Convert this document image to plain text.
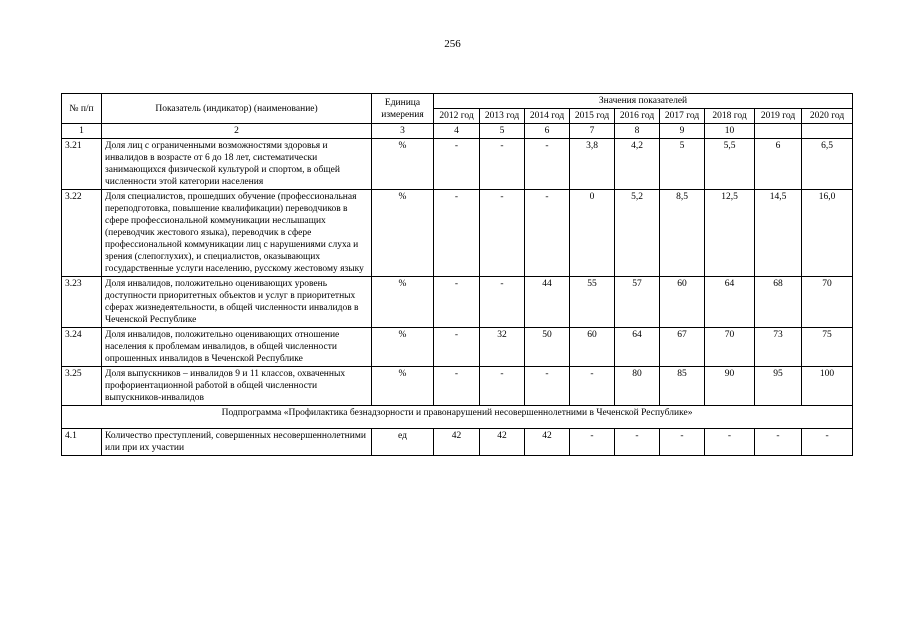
256
№ п/п	Показатель (индикатор) (наименование)	Единица измерения	Значения показателей								
			2012 год	2013 год	2014 год	2015 год	2016 год	2017 год	2018 год	2019 год	2020 год
1	2	3	4	5	6	7	8	9	10		
3.21	Доля лиц с ограниченными возможностями здоровья и инвалидов в возрасте от 6 до 18 лет, систематически занимающихся физической культурой и спортом, в общей численности этой категории населения	%	-	-	-	3,8	4,2	5	5,5	6	6,5
3.22	Доля специалистов, прошедших обучение (профессиональная переподготовка, повышение квалификации) переводчиков в сфере профессиональной коммуникации неслышащих (переводчик жестового языка), переводчик в сфере профессиональной коммуникации лиц с нарушениями слуха и зрения (слепоглухих), и специалистов, оказывающих государственные услуги населению, русскому жестовому языку	%	-	-	-	0	5,2	8,5	12,5	14,5	16,0
3.23	Доля инвалидов, положительно оценивающих уровень доступности приоритетных объектов и услуг в приоритетных сферах жизнедеятельности, в общей численности инвалидов в Чеченской Республике	%	-	-	44	55	57	60	64	68	70
3.24	Доля инвалидов, положительно оценивающих отношение населения к проблемам инвалидов, в общей численности опрошенных инвалидов в Чеченской Республике	%	-	32	50	60	64	67	70	73	75
3.25	Доля выпускников – инвалидов 9 и 11 классов, охваченных профориентационной работой в общей численности выпускников-инвалидов	%	-	-	-	-	80	85	90	95	100
Подпрограмма «Профилактика безнадзорности и правонарушений несовершеннолетними в Чеченской Республике»											
4.1	Количество преступлений, совершенных несовершеннолетними или при их участии	ед	42	42	42	-	-	-	-	-	-
